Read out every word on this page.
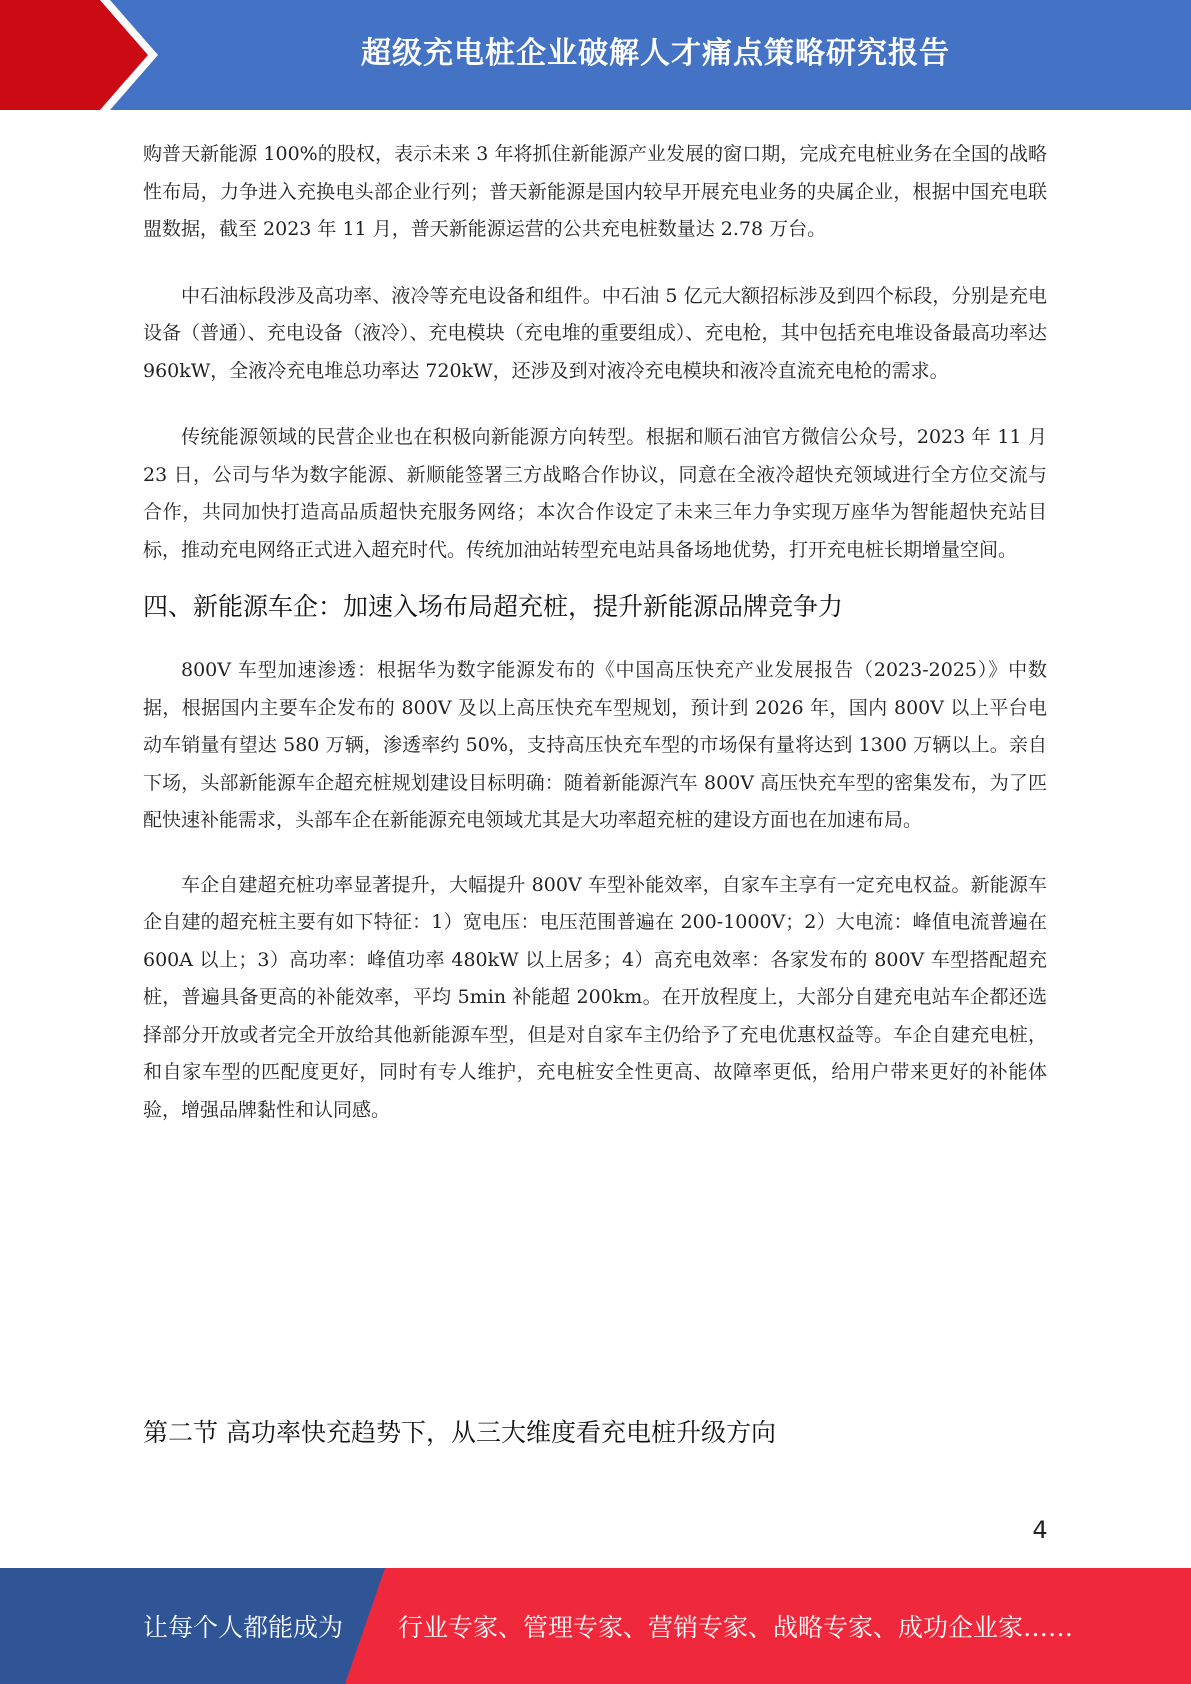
超级充电桩企业破解人才痛点策略研究报告

购普天新能源 100%的股权，表示未来 3 年将抓住新能源产业发展的窗口期，完成充电桩业务在全国的战略性布局，力争进入充换电头部企业行列；普天新能源是国内较早开展充电业务的央属企业，根据中国充电联盟数据，截至 2023 年 11 月，普天新能源运营的公共充电桩数量达 2.78 万台。

中石油标段涉及高功率、液冷等充电设备和组件。中石油 5 亿元大额招标涉及到四个标段，分别是充电设备（普通）、充电设备（液冷）、充电模块（充电堆的重要组成）、充电枪，其中包括充电堆设备最高功率达 960kW，全液冷充电堆总功率达 720kW，还涉及到对液冷充电模块和液冷直流充电枪的需求。

传统能源领域的民营企业也在积极向新能源方向转型。根据和顺石油官方微信公众号，2023 年 11 月 23 日，公司与华为数字能源、新顺能签署三方战略合作协议，同意在全液冷超快充领域进行全方位交流与合作，共同加快打造高品质超快充服务网络；本次合作设定了未来三年力争实现万座华为智能超快充站目标，推动充电网络正式进入超充时代。传统加油站转型充电站具备场地优势，打开充电桩长期增量空间。

四、新能源车企：加速入场布局超充桩，提升新能源品牌竞争力

800V 车型加速渗透：根据华为数字能源发布的《中国高压快充产业发展报告（2023-2025）》中数据，根据国内主要车企发布的 800V 及以上高压快充车型规划，预计到 2026 年，国内 800V 以上平台电动车销量有望达 580 万辆，渗透率约 50%，支持高压快充车型的市场保有量将达到 1300 万辆以上。亲自下场，头部新能源车企超充桩规划建设目标明确：随着新能源汽车 800V 高压快充车型的密集发布，为了匹配快速补能需求，头部车企在新能源充电领域尤其是大功率超充桩的建设方面也在加速布局。

车企自建超充桩功率显著提升，大幅提升 800V 车型补能效率，自家车主享有一定充电权益。新能源车企自建的超充桩主要有如下特征：1）宽电压：电压范围普遍在 200-1000V；2）大电流：峰值电流普遍在 600A 以上；3）高功率：峰值功率 480kW 以上居多；4）高充电效率：各家发布的 800V 车型搭配超充桩，普遍具备更高的补能效率，平均 5min 补能超 200km。在开放程度上，大部分自建充电站车企都还选择部分开放或者完全开放给其他新能源车型，但是对自家车主仍给予了充电优惠权益等。车企自建充电桩，和自家车型的匹配度更好，同时有专人维护，充电桩安全性更高、故障率更低，给用户带来更好的补能体验，增强品牌黏性和认同感。

第二节 高功率快充趋势下，从三大维度看充电桩升级方向
4
让每个人都能成为 行业专家、管理专家、营销专家、战略专家、成功企业家……
